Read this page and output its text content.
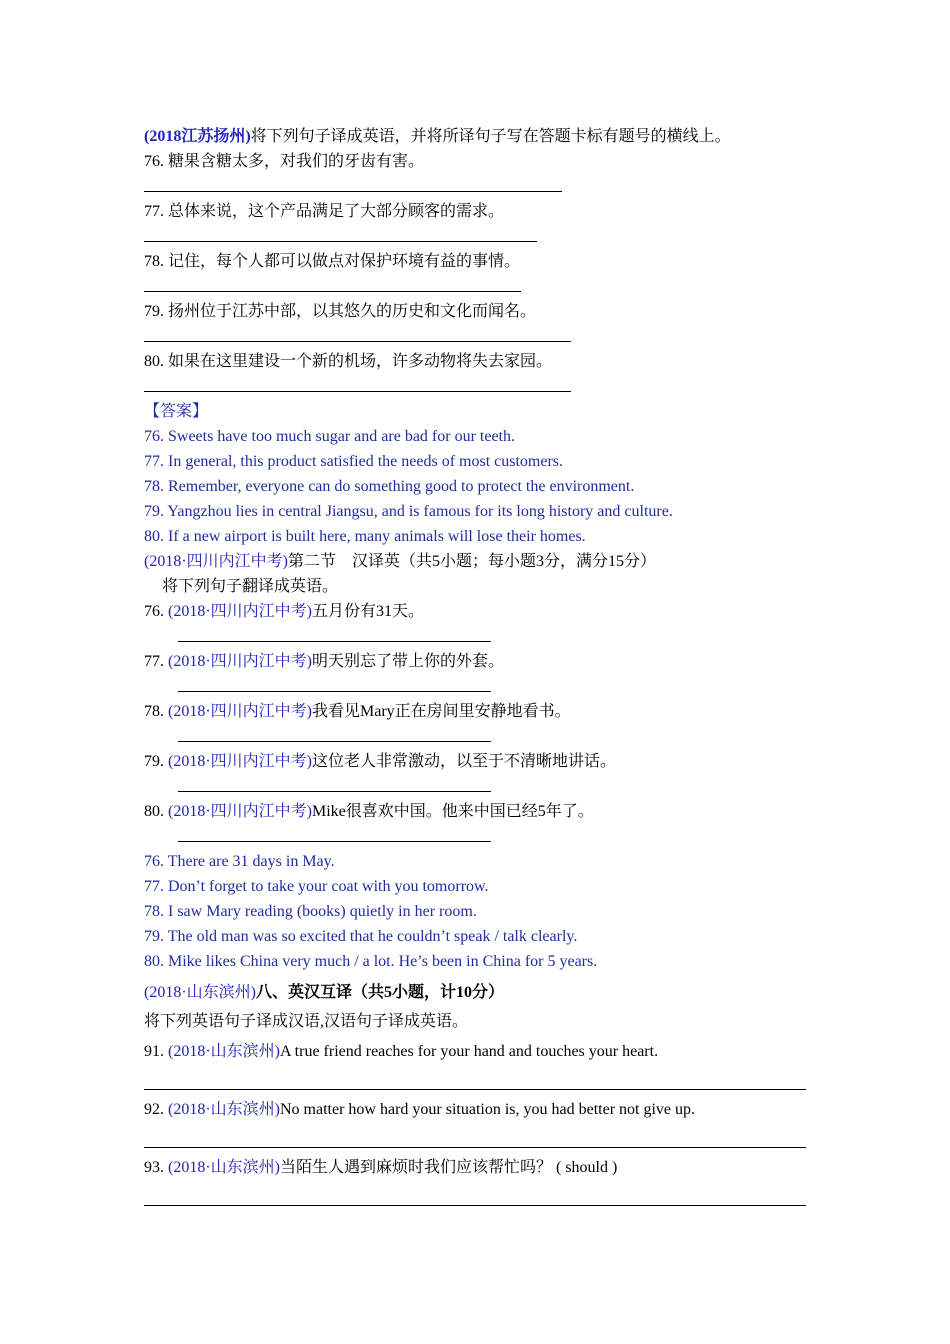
(2018江苏扬州)将下列句子译成英语，并将所译句子写在答题卡标有题号的横线上。
76. 糖果含糖太多，对我们的牙齿有害。
77. 总体来说，这个产品满足了大部分顾客的需求。
78. 记住，每个人都可以做点对保护环境有益的事情。
79. 扬州位于江苏中部，以其悠久的历史和文化而闻名。
80. 如果在这里建设一个新的机场，许多动物将失去家园。
【答案】
76. Sweets have too much sugar and are bad for our teeth.
77. In general, this product satisfied the needs of most customers.
78. Remember, everyone can do something good to protect the environment.
79. Yangzhou lies in central Jiangsu, and is famous for its long history and culture.
80. If a new airport is built here, many animals will lose their homes.
(2018·四川内江中考)第二节　汉译英（共5小题；每小题3分，满分15分）
将下列句子翻译成英语。
76. (2018·四川内江中考)五月份有31天。
77. (2018·四川内江中考)明天别忘了带上你的外套。
78. (2018·四川内江中考)我看见Mary正在房间里安静地看书。
79. (2018·四川内江中考)这位老人非常激动，以至于不清晰地讲话。
80. (2018·四川内江中考)Mike很喜欢中国。他来中国已经5年了。
76. There are 31 days in May.
77. Don’t forget to take your coat with you tomorrow.
78. I saw Mary reading (books) quietly in her room.
79. The old man was so excited that he couldn’t speak / talk clearly.
80. Mike likes China very much / a lot. He’s been in China for 5 years.
(2018·山东滨州)八、英汉互译（共5小题，计10分）
将下列英语句子译成汉语,汉语句子译成英语。
91. (2018·山东滨州)A true friend reaches for your hand and touches your heart.
92. (2018·山东滨州)No matter how hard your situation is, you had better not give up.
93. (2018·山东滨州)当陌生人遇到麻烦时我们应该帮忙吗？ ( should )
